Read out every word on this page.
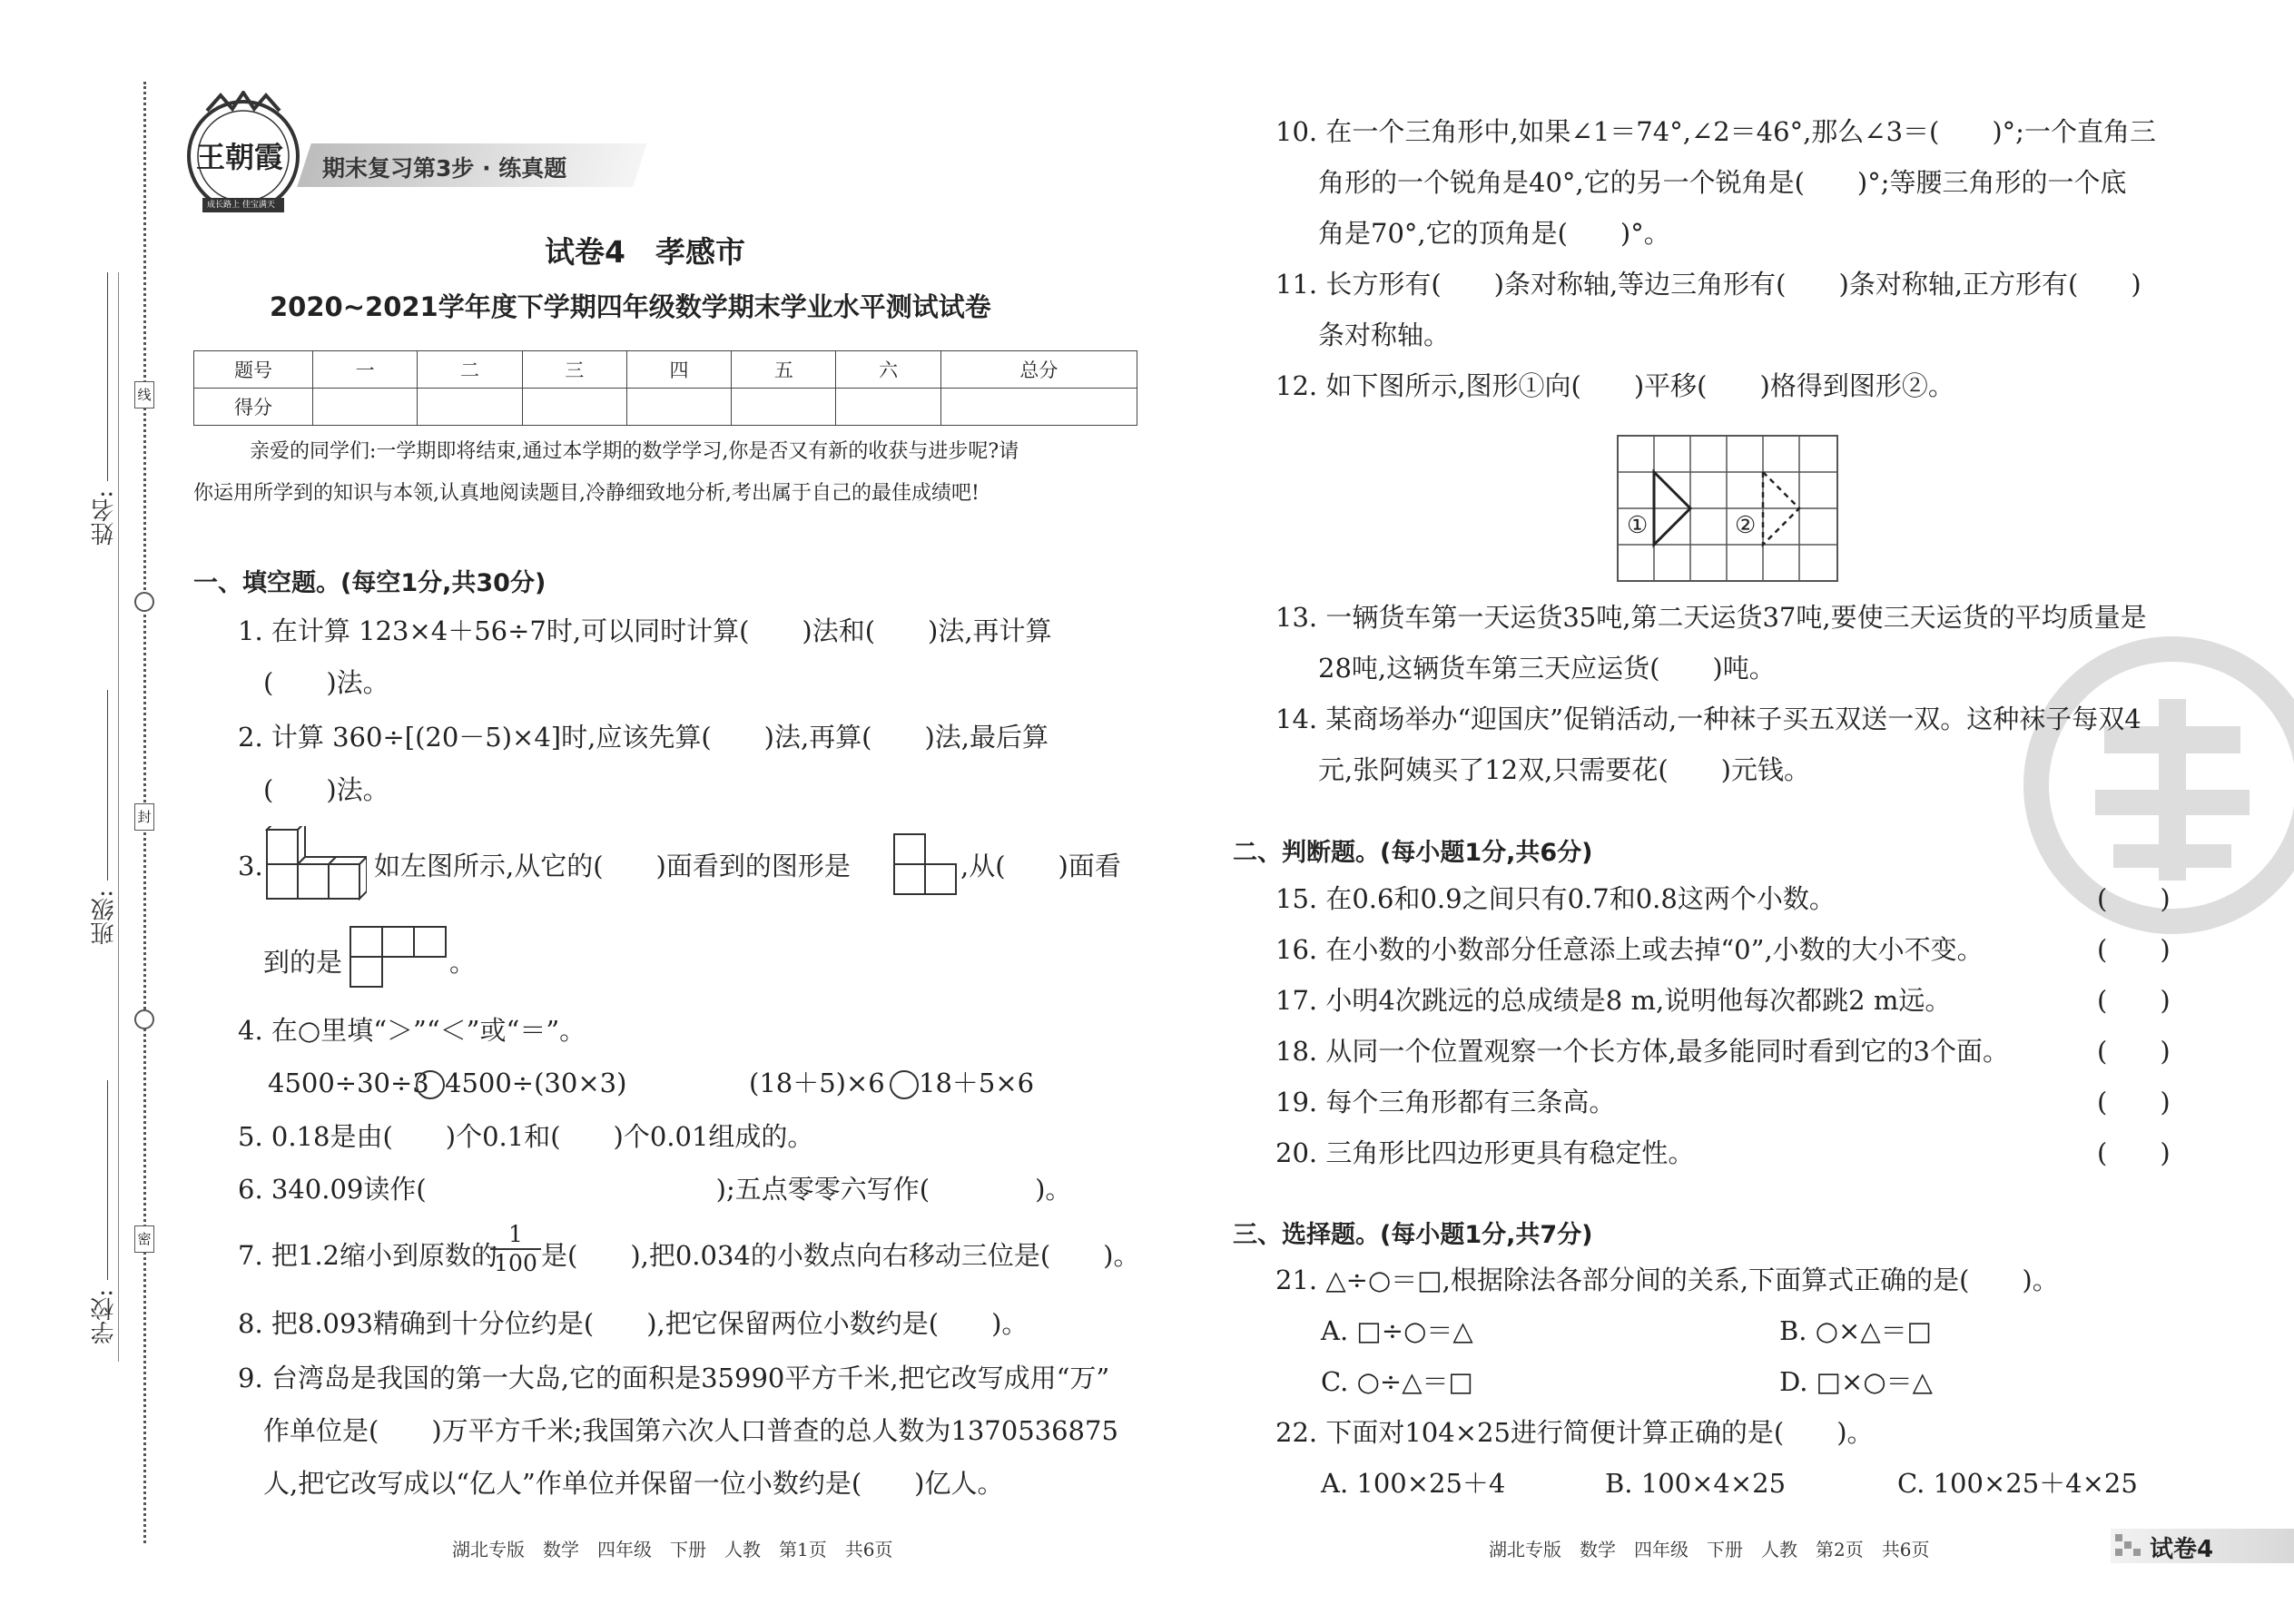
线
封
密
姓名:
班级:
学校:
王朝霞
成长路上 佳宝满天
期末复习第3步 · 练真题
试卷4　孝感市
2020~2021学年度下学期四年级数学期末学业水平测试试卷
题号	一	二	三	四	五	六	总分
得分							
亲爱的同学们:一学期即将结束,通过本学期的数学学习,你是否又有新的收获与进步呢?请
你运用所学到的知识与本领,认真地阅读题目,冷静细致地分析,考出属于自己的最佳成绩吧!
一、填空题。(每空1分,共30分)
1. 在计算 123×4＋56÷7时,可以同时计算(　　)法和(　　)法,再计算
(　　)法。
2. 计算 360÷[(20－5)×4]时,应该先算(　　)法,再算(　　)法,最后算
(　　)法。
3.	如左图所示,从它的(　　)面看到的图形是	,从(　　)面看
到的是	。
4. 在○里填“＞”“＜”或“＝”。
4500÷30÷3 4500÷(30×3)	(18＋5)×6 18＋5×6
5. 0.18是由(　　)个0.1和(　　)个0.01组成的。
6. 340.09读作(　　　　　　　　　　　);五点零零六写作(　　　　)。
7. 把1.2缩小到原数的
$\frac{1}{100}$ 是(　　),把0.034的小数点向右移动三位是(　　)。
8. 把8.093精确到十分位约是(　　),把它保留两位小数约是(　　)。
9. 台湾岛是我国的第一大岛,它的面积是35990平方千米,把它改写成用“万”
作单位是(　　)万平方千米;我国第六次人口普查的总人数为1370536875
人,把它改写成以“亿人”作单位并保留一位小数约是(　　)亿人。
湖北专版　数学　四年级　下册　人教　第1页　共6页
10. 在一个三角形中,如果∠1＝74°,∠2＝46°,那么∠3＝(　　)°;一个直角三
角形的一个锐角是40°,它的另一个锐角是(　　)°;等腰三角形的一个底
角是70°,它的顶角是(　　)°。
11. 长方形有(　　)条对称轴,等边三角形有(　　)条对称轴,正方形有(　　)
条对称轴。
12. 如下图所示,图形①向(　　)平移(　　)格得到图形②。
①	②
13. 一辆货车第一天运货35吨,第二天运货37吨,要使三天运货的平均质量是
28吨,这辆货车第三天应运货(　　)吨。
14. 某商场举办“迎国庆”促销活动,一种袜子买五双送一双。这种袜子每双4
元,张阿姨买了12双,只需要花(　　)元钱。
二、判断题。(每小题1分,共6分)
15. 在0.6和0.9之间只有0.7和0.8这两个小数。	(　　)
16. 在小数的小数部分任意添上或去掉“0”,小数的大小不变。	(　　)
17. 小明4次跳远的总成绩是8 m,说明他每次都跳2 m远。	(　　)
18. 从同一个位置观察一个长方体,最多能同时看到它的3个面。	(　　)
19. 每个三角形都有三条高。	(　　)
20. 三角形比四边形更具有稳定性。	(　　)
三、选择题。(每小题1分,共7分)
21. △÷○＝□,根据除法各部分间的关系,下面算式正确的是(　　)。
A. □÷○＝△	B. ○×△＝□
C. ○÷△＝□	D. □×○＝△
22. 下面对104×25进行简便计算正确的是(　　)。
A. 100×25＋4	B. 100×4×25	C. 100×25＋4×25
湖北专版　数学　四年级　下册　人教　第2页　共6页	试卷4
